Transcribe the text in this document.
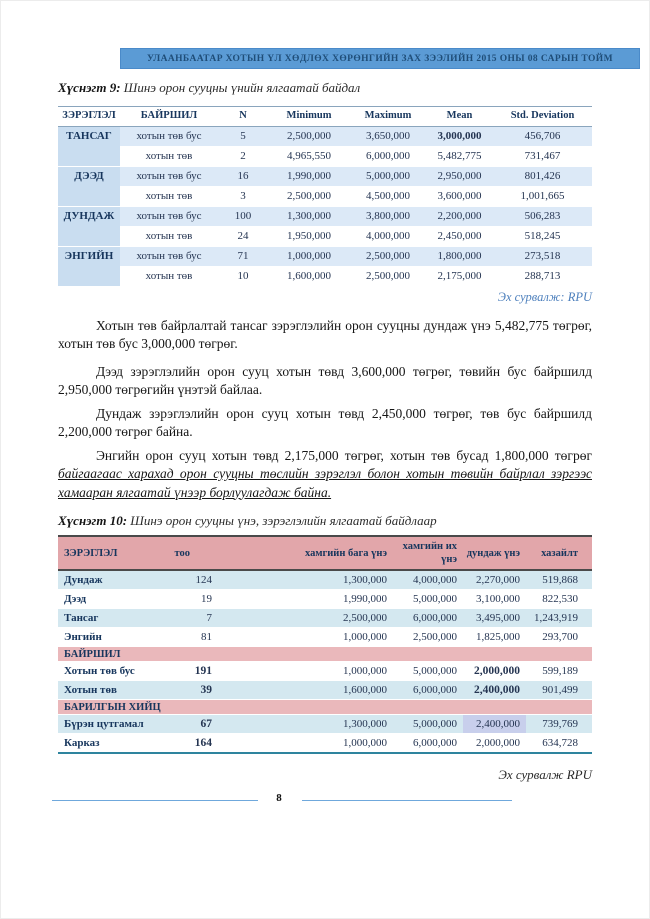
УЛААНБААТАР ХОТЫН ҮЛ ХӨДЛӨХ ХӨРӨНГИЙН ЗАХ ЗЭЭЛИЙН 2015 ОНЫ 08 САРЫН ТОЙМ

Хүснэгт 9: Шинэ орон сууцны үнийн ялгаатай байдал

ЗЭРЭГЛЭЛ	БАЙРШИЛ	N	Minimum	Maximum	Mean	Std. Deviation
ТАНСАГ	хотын төв бус	5	2,500,000	3,650,000	3,000,000	456,706
	хотын төв	2	4,965,550	6,000,000	5,482,775	731,467
ДЭЭД	хотын төв бус	16	1,990,000	5,000,000	2,950,000	801,426
	хотын төв	3	2,500,000	4,500,000	3,600,000	1,001,665
ДУНДАЖ	хотын төв бус	100	1,300,000	3,800,000	2,200,000	506,283
	хотын төв	24	1,950,000	4,000,000	2,450,000	518,245
ЭНГИЙН	хотын төв бус	71	1,000,000	2,500,000	1,800,000	273,518
	хотын төв	10	1,600,000	2,500,000	2,175,000	288,713
Эх сурвалж: RPU

Хотын төв байрлалтай тансаг зэрэглэлийн орон сууцны дундаж үнэ 5,482,775 төгрөг, хотын төв бус 3,000,000 төгрөг.

Дээд зэрэглэлийн орон сууц хотын төвд 3,600,000 төгрөг, төвийн бус байршилд 2,950,000 төгрөгийн үнэтэй байлаа.

Дундаж зэрэглэлийн орон сууц хотын төвд 2,450,000 төгрөг, төв бус байршилд 2,200,000 төгрөг байна.

Энгийн орон сууц хотын төвд 2,175,000 төгрөг, хотын төв бусад 1,800,000 төгрөг байгаагаас харахад орон сууцны төслийн зэрэглэл болон хотын төвийн байрлал зэргээс хамааран ялгаатай үнээр борлуулагдаж байна.

Хүснэгт 10: Шинэ орон сууцны үнэ, зэрэглэлийн ялгаатай байдлаар

ЗЭРЭГЛЭЛ	тоо	хамгийн бага үнэ	хамгийн их үнэ	дундаж үнэ	хазайлт
Дундаж	124	1,300,000	4,000,000	2,270,000	519,868
Дээд	19	1,990,000	5,000,000	3,100,000	822,530
Тансаг	7	2,500,000	6,000,000	3,495,000	1,243,919
Энгийн	81	1,000,000	2,500,000	1,825,000	293,700
БАЙРШИЛ					
Хотын төв бус	191	1,000,000	5,000,000	2,000,000	599,189
Хотын төв	39	1,600,000	6,000,000	2,400,000	901,499
БАРИЛГЫН ХИЙЦ					
Бүрэн цутгамал	67	1,300,000	5,000,000	2,400,000	739,769
Карказ	164	1,000,000	6,000,000	2,000,000	634,728
Эх сурвалж RPU
8
